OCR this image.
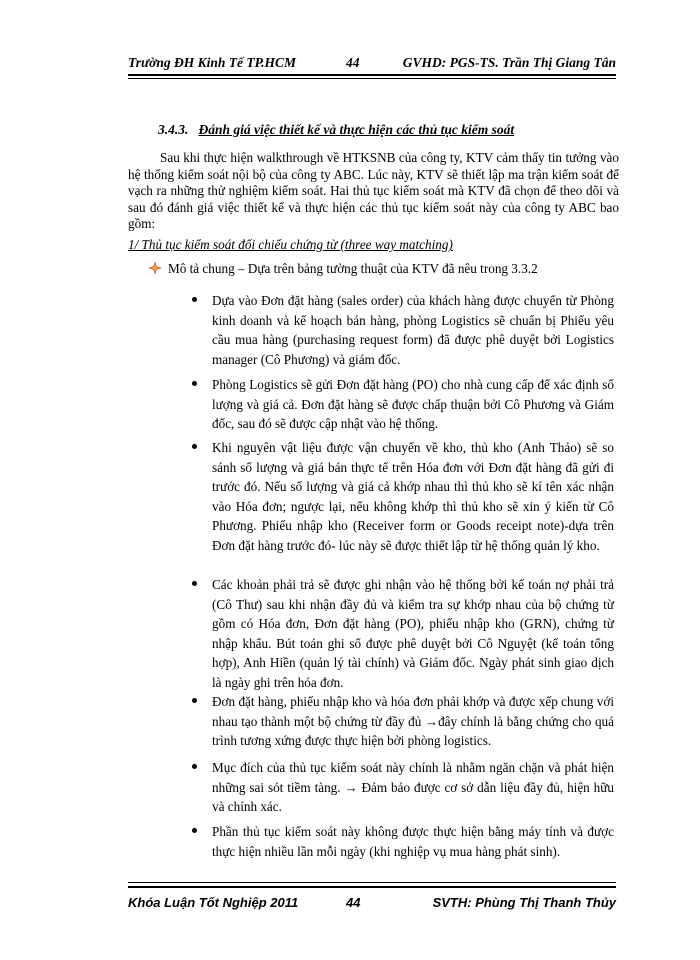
Trường ĐH Kinh Tế TP.HCM	44	GVHD: PGS-TS. Trần Thị Giang Tân
3.4.3. Đánh giá việc thiết kế và thực hiện các thủ tục kiểm soát
Sau khi thực hiện walkthrough về HTKSNB của công ty, KTV cảm thấy tin tưởng vào hệ thống kiểm soát nội bộ của công ty ABC. Lúc này, KTV sẽ thiết lập ma trận kiểm soát để vạch ra những thử nghiệm kiểm soát. Hai thủ tục kiểm soát mà KTV đã chọn để theo dõi và sau đó đánh giá việc thiết kế và thực hiện các thủ tục kiểm soát này của công ty ABC bao gồm:
1/ Thủ tục kiểm soát đối chiếu chứng từ (three way matching)
Mô tả chung – Dựa trên bảng tường thuật của KTV đã nêu trong 3.3.2
Dựa vào Đơn đặt hàng (sales order) của khách hàng được chuyển từ Phòng kinh doanh và kế hoạch bán hàng, phòng Logistics sẽ chuẩn bị Phiếu yêu cầu mua hàng (purchasing request form) đã được phê duyệt bởi Logistics manager (Cô Phương) và giám đốc.
Phòng Logistics sẽ gửi Đơn đặt hàng (PO) cho nhà cung cấp để xác định số lượng và giá cả. Đơn đặt hàng sẽ được chấp thuận bởi Cô Phương và Giám đốc, sau đó sẽ được cập nhật vào hệ thống.
Khi nguyên vật liệu được vận chuyển về kho, thủ kho (Anh Thảo) sẽ so sánh số lượng và giá bán thực tế trên Hóa đơn với Đơn đặt hàng đã gửi đi trước đó. Nếu số lượng và giá cả khớp nhau thì thủ kho sẽ kí tên xác nhận vào Hóa đơn; ngược lại, nếu không khớp thì thủ kho sẽ xin ý kiến từ Cô Phương. Phiếu nhập kho (Receiver form or Goods receipt note)-dựa trên Đơn đặt hàng trước đó- lúc này sẽ được thiết lập từ hệ thống quản lý kho.
Các khoản phải trả sẽ được ghi nhận vào hệ thống bởi kế toán nợ phải trả (Cô Thư) sau khi nhận đầy đủ và kiểm tra sự khớp nhau của bộ chứng từ gồm có Hóa đơn, Đơn đặt hàng (PO), phiếu nhập kho (GRN), chứng từ nhập khẩu. Bút toán ghi sổ được phê duyệt bởi Cô Nguyệt (kế toán tổng hợp), Anh Hiền (quản lý tài chính) và Giám đốc. Ngày phát sinh giao dịch là ngày ghi trên hóa đơn.
Đơn đặt hàng, phiếu nhập kho và hóa đơn phải khớp và được xếp chung với nhau tạo thành một bộ chứng từ đầy đủ →đây chính là bằng chứng cho quá trình tương xứng được thực hiện bởi phòng logistics.
Mục đích của thủ tục kiểm soát này chính là nhằm ngăn chặn và phát hiện những sai sót tiềm tàng. → Đảm bảo được cơ sở dẫn liệu đầy đủ, hiện hữu và chính xác.
Phần thủ tục kiểm soát này không được thực hiện bằng máy tính và được thực hiện nhiều lần mỗi ngày (khi nghiệp vụ mua hàng phát sinh).
Khóa Luận Tốt Nghiệp 2011	44	SVTH: Phùng Thị Thanh Thủy
